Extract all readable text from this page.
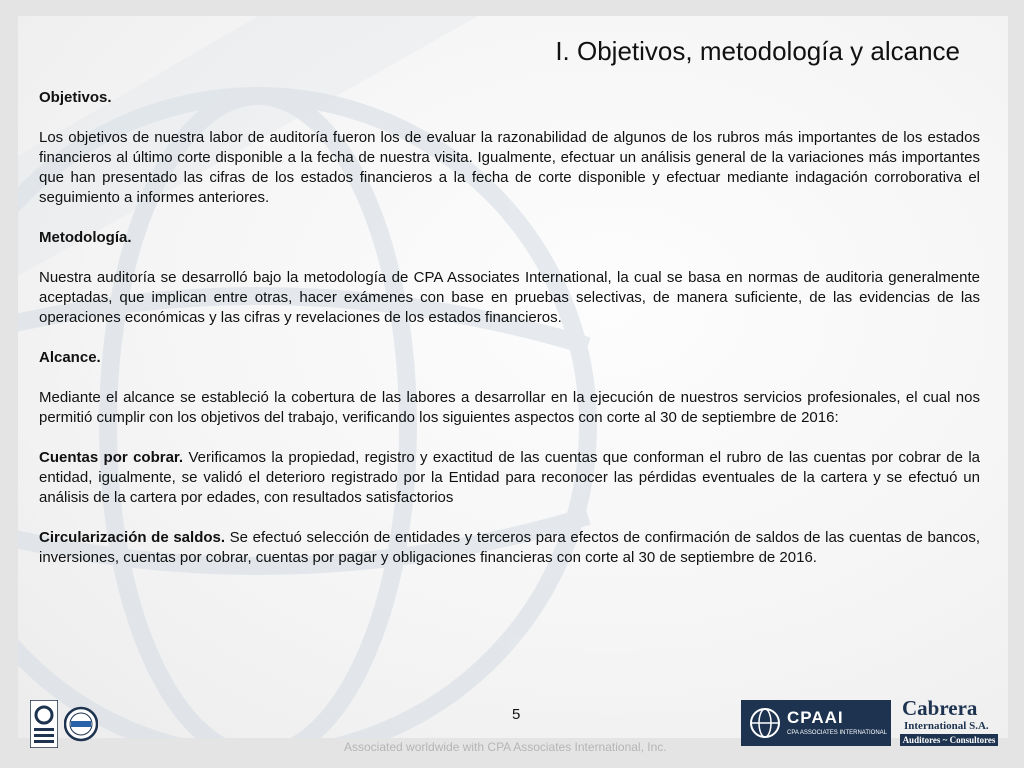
I. Objetivos, metodología y alcance

Objetivos.

Los objetivos de nuestra labor de auditoría fueron los de evaluar la razonabilidad de algunos de los rubros más importantes de los estados financieros al último corte disponible a la fecha de nuestra visita. Igualmente, efectuar un análisis general de la variaciones más importantes que han presentado las cifras de los estados financieros a la fecha de corte disponible y efectuar mediante indagación corroborativa el seguimiento a informes anteriores.

Metodología.

Nuestra auditoría se desarrolló bajo la metodología de CPA Associates International, la cual se basa en normas de auditoria generalmente aceptadas, que implican entre otras, hacer exámenes con base en pruebas selectivas, de manera suficiente, de las evidencias de las operaciones económicas y las cifras y revelaciones de los estados financieros.

Alcance.

Mediante el alcance se estableció la cobertura de las labores a desarrollar en la ejecución de nuestros servicios profesionales, el cual nos permitió cumplir con los objetivos del trabajo, verificando los siguientes aspectos con corte al 30 de septiembre de 2016:

Cuentas por cobrar. Verificamos la propiedad, registro y exactitud de las cuentas que conforman el rubro de las cuentas por cobrar de la entidad, igualmente, se validó el deterioro registrado por la Entidad para reconocer las pérdidas eventuales de la cartera y se efectuó un análisis de la cartera por edades, con resultados satisfactorios

Circularización de saldos. Se efectuó selección de entidades y terceros para efectos de confirmación de saldos de las cuentas de bancos, inversiones, cuentas por cobrar, cuentas por pagar y obligaciones financieras con corte al 30 de septiembre de 2016.

CPAAI
CPA ASSOCIATES INTERNATIONAL
Cabrera
International S.A.
Auditores ~ Consultores
5
Associated worldwide with CPA Associates International, Inc.
